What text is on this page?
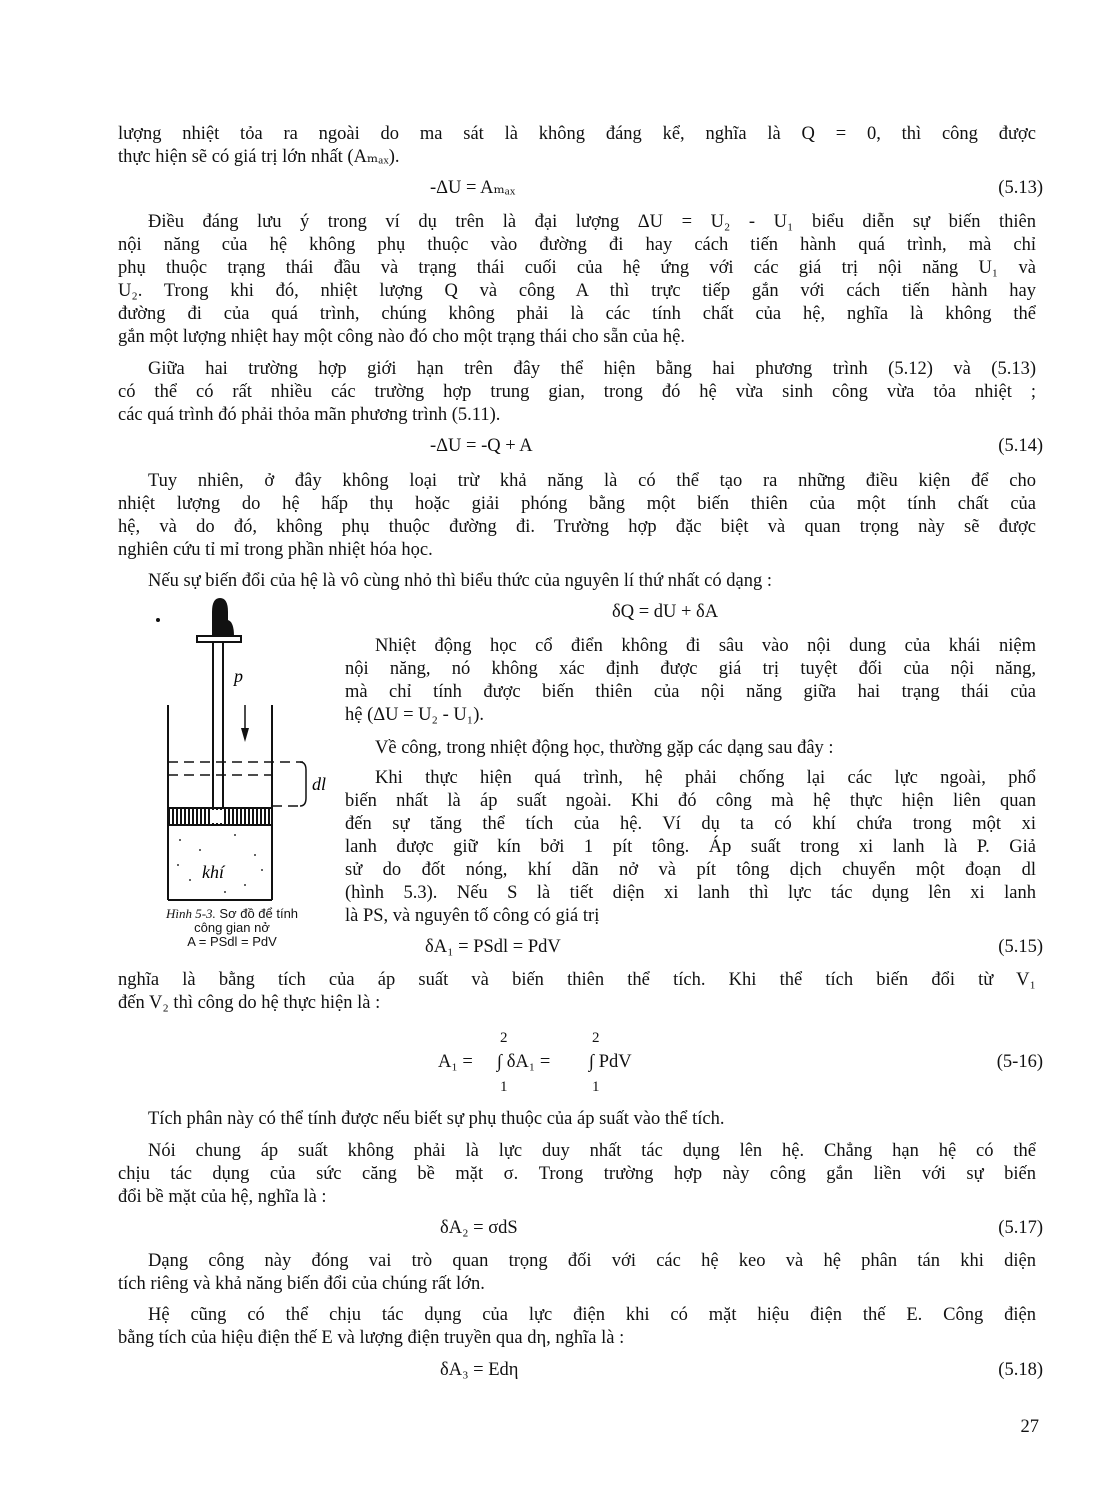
lượng nhiệt tỏa ra ngoài do ma sát là không đáng kể, nghĩa là Q = 0, thì công được
thực hiện sẽ có giá trị lớn nhất (Aₘₐₓ).
-ΔU = Aₘₐₓ	(5.13)
Điều đáng lưu ý trong ví dụ trên là đại lượng ΔU = U₂ - U₁ biểu diễn sự biến thiên
nội năng của hệ không phụ thuộc vào đường đi hay cách tiến hành quá trình, mà chỉ
phụ thuộc trạng thái đầu và trạng thái cuối của hệ ứng với các giá trị nội năng U₁ và
U₂. Trong khi đó, nhiệt lượng Q và công A thì trực tiếp gắn với cách tiến hành hay
đường đi của quá trình, chúng không phải là các tính chất của hệ, nghĩa là không thể
gắn một lượng nhiệt hay một công nào đó cho một trạng thái cho sẵn của hệ.
Giữa hai trường hợp giới hạn trên đây thể hiện bằng hai phương trình (5.12) và (5.13)
có thể có rất nhiều các trường hợp trung gian, trong đó hệ vừa sinh công vừa tỏa nhiệt ;
các quá trình đó phải thỏa mãn phương trình (5.11).
-ΔU = -Q + A	(5.14)
Tuy nhiên, ở đây không loại trừ khả năng là có thể tạo ra những điều kiện để cho
nhiệt lượng do hệ hấp thụ hoặc giải phóng bằng một biến thiên của một tính chất của
hệ, và do đó, không phụ thuộc đường đi. Trường hợp đặc biệt và quan trọng này sẽ được
nghiên cứu tỉ mỉ trong phần nhiệt hóa học.
Nếu sự biến đổi của hệ là vô cùng nhỏ thì biểu thức của nguyên lí thứ nhất có dạng :
δQ = dU + δA
p
dl
khí
Hình 5-3. Sơ đồ để tính
công gian nở
A = PSdl = PdV
Nhiệt động học cổ điển không đi sâu vào nội dung của khái niệm
nội năng, nó không xác định được giá trị tuyệt đối của nội năng,
mà chỉ tính được biến thiên của nội năng giữa hai trạng thái của
hệ (ΔU = U₂ - U₁).
Về công, trong nhiệt động học, thường gặp các dạng sau đây :
Khi thực hiện quá trình, hệ phải chống lại các lực ngoài, phổ
biến nhất là áp suất ngoài. Khi đó công mà hệ thực hiện liên quan
đến sự tăng thể tích của hệ. Ví dụ ta có khí chứa trong một xi
lanh được giữ kín bởi 1 pít tông. Áp suất trong xi lanh là P. Giả
sử do đốt nóng, khí dãn nở và pít tông dịch chuyển một đoạn dl
(hình 5.3). Nếu S là tiết diện xi lanh thì lực tác dụng lên xi lanh
là PS, và nguyên tố công có giá trị
δA₁ = PSdl = PdV	(5.15)
nghĩa là bằng tích của áp suất và biến thiên thể tích. Khi thể tích biến đổi từ V₁
đến V₂ thì công do hệ thực hiện là :
A₁ = ∫ δA₁ = ∫ PdV
2
1
2
1
(5-16)
Tích phân này có thể tính được nếu biết sự phụ thuộc của áp suất vào thể tích.
Nói chung áp suất không phải là lực duy nhất tác dụng lên hệ. Chẳng hạn hệ có thể
chịu tác dụng của sức căng bề mặt σ. Trong trường hợp này công gắn liền với sự biến
đổi bề mặt của hệ, nghĩa là :
δA₂ = σdS	(5.17)
Dạng công này đóng vai trò quan trọng đối với các hệ keo và hệ phân tán khi diện
tích riêng và khả năng biến đổi của chúng rất lớn.
Hệ cũng có thể chịu tác dụng của lực điện khi có mặt hiệu điện thế E. Công điện
bằng tích của hiệu điện thế E và lượng điện truyền qua dη, nghĩa là :
δA₃ = Edη	(5.18)
27
